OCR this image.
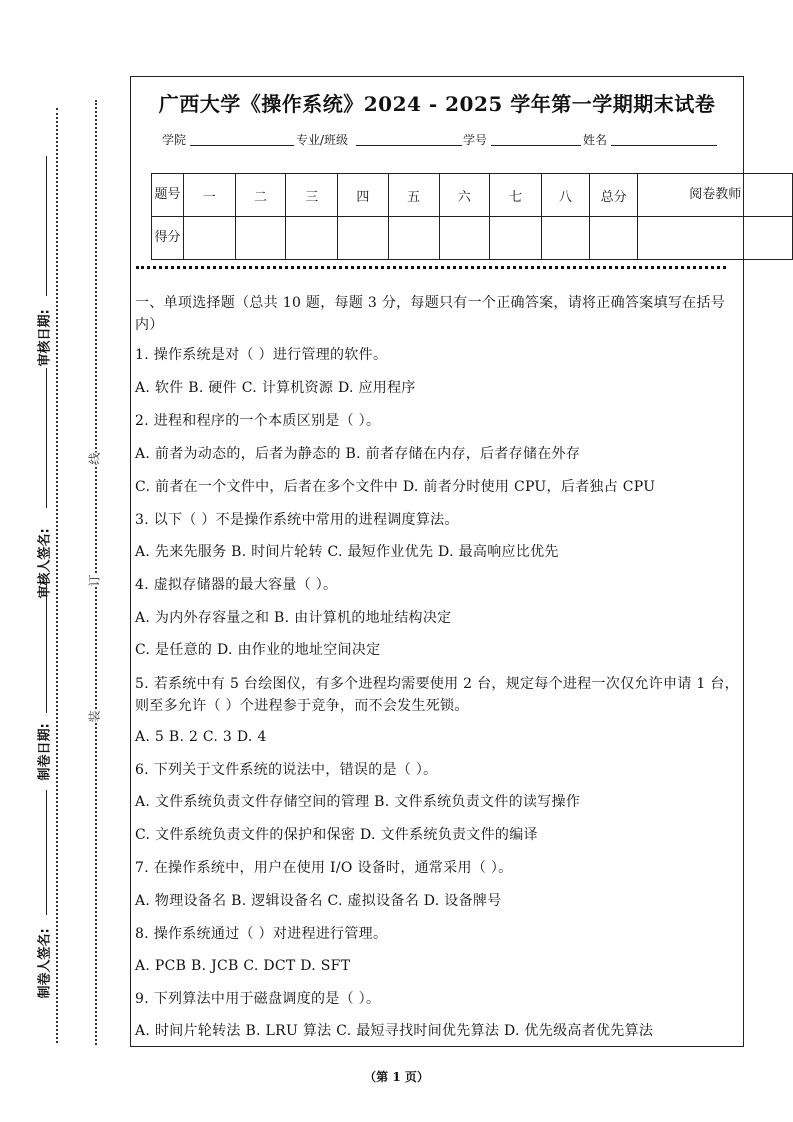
审核日期:
审核人签名:
制卷日期:
制卷人签名:
线
订
装
广西大学《操作系统》2024 - 2025 学年第一学期期末试卷
学院	专业/班级	学号	姓名
题号	一	二	三	四	五	六	七	八	总分	阅卷教师
得分										
一、单项选择题（总共 10 题，每题 3 分，每题只有一个正确答案，请将正确答案填写在括号内）
1. 操作系统是对（ ）进行管理的软件。
A. 软件 B. 硬件 C. 计算机资源 D. 应用程序
2. 进程和程序的一个本质区别是（ ）。
A. 前者为动态的，后者为静态的 B. 前者存储在内存，后者存储在外存
C. 前者在一个文件中，后者在多个文件中 D. 前者分时使用 CPU，后者独占 CPU
3. 以下（ ）不是操作系统中常用的进程调度算法。
A. 先来先服务 B. 时间片轮转 C. 最短作业优先 D. 最高响应比优先
4. 虚拟存储器的最大容量（ ）。
A. 为内外存容量之和 B. 由计算机的地址结构决定
C. 是任意的 D. 由作业的地址空间决定
5. 若系统中有 5 台绘图仪，有多个进程均需要使用 2 台，规定每个进程一次仅允许申请 1 台，则至多允许（ ）个进程参于竞争，而不会发生死锁。
A. 5 B. 2 C. 3 D. 4
6. 下列关于文件系统的说法中，错误的是（ ）。
A. 文件系统负责文件存储空间的管理 B. 文件系统负责文件的读写操作
C. 文件系统负责文件的保护和保密 D. 文件系统负责文件的编译
7. 在操作系统中，用户在使用 I/O 设备时，通常采用（ ）。
A. 物理设备名 B. 逻辑设备名 C. 虚拟设备名 D. 设备牌号
8. 操作系统通过（ ）对进程进行管理。
A. PCB B. JCB C. DCT D. SFT
9. 下列算法中用于磁盘调度的是（ ）。
A. 时间片轮转法 B. LRU 算法 C. 最短寻找时间优先算法 D. 优先级高者优先算法
（第 1 页）
